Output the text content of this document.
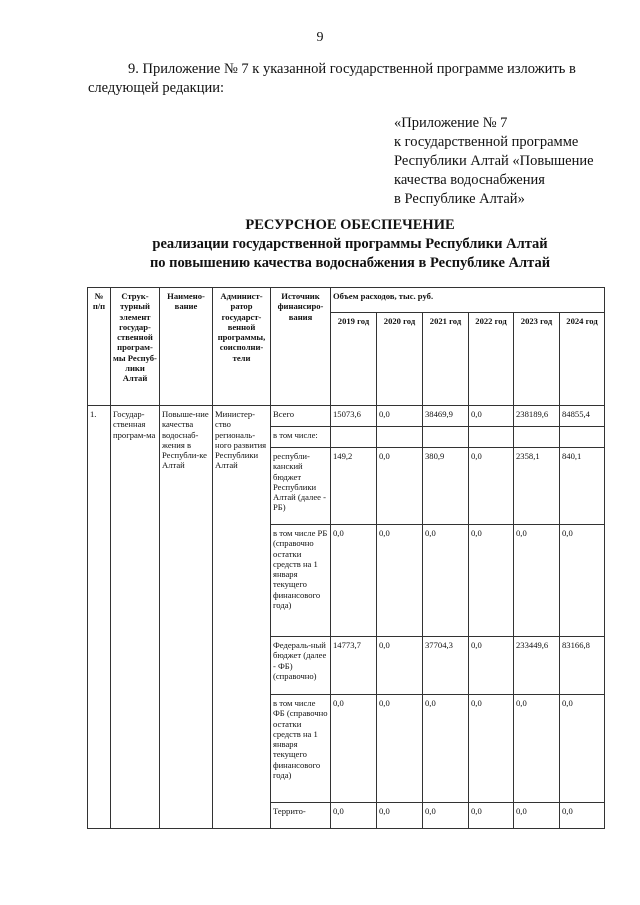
9
9. Приложение № 7 к указанной государственной программе изложить в
следующей редакции:
«Приложение № 7
к государственной программе
Республики Алтай «Повышение
качества водоснабжения
в Республике Алтай»
РЕСУРСНОЕ ОБЕСПЕЧЕНИЕ
реализации государственной программы Республики Алтай
по повышению качества водоснабжения в Республике Алтай
№ п/п	Струк-турный элемент государ-ственной програм-мы Респуб-лики Алтай	Наимено-вание	Админист-ратор государст-венной программы, соисполни-тели	Источник финансиро-вания	Объем расходов, тыс. руб.					
					2019 год	2020 год	2021 год	2022 год	2023 год	2024 год
1.	Государ-ственная програм-ма	Повыше-ние качества водоснаб-жения в Республи-ке Алтай	Министер-ство региональ-ного развития Республики Алтай	Всего	15073,6	0,0	38469,9	0,0	238189,6	84855,4
				в том числе:						
				республи-канский бюджет Республики Алтай (далее - РБ)	149,2	0,0	380,9	0,0	2358,1	840,1
				в том числе РБ (справочно остатки средств на 1 января текущего финансового года)	0,0	0,0	0,0	0,0	0,0	0,0
				Федераль-ный бюджет (далее - ФБ) (справочно)	14773,7	0,0	37704,3	0,0	233449,6	83166,8
				в том числе ФБ (справочно остатки средств на 1 января текущего финансового года)	0,0	0,0	0,0	0,0	0,0	0,0
				Террито-	0,0	0,0	0,0	0,0	0,0	0,0
